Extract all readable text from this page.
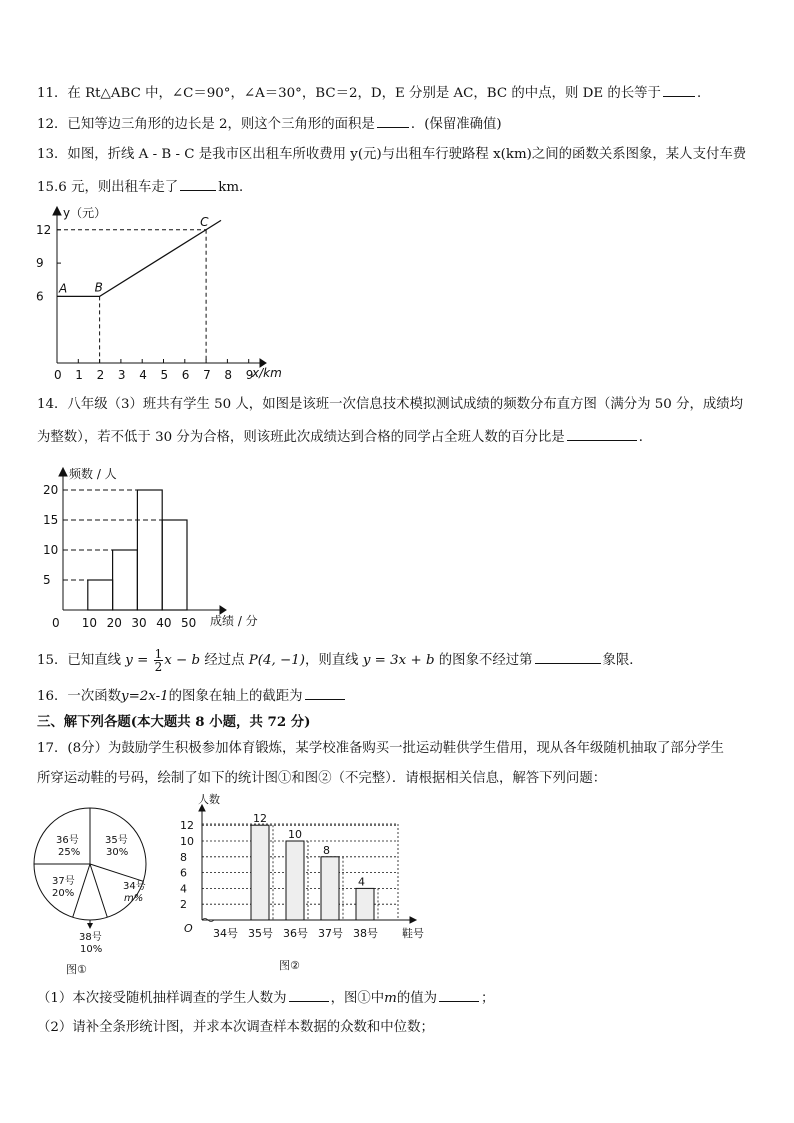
11．在 Rt△ABC 中，∠C＝90°，∠A＝30°，BC＝2，D，E 分别是 AC，BC 的中点，则 DE 的长等于	．
12．已知等边三角形的边长是 2，则这个三角形的面积是	．(保留准确值)
13．如图，折线 A - B - C 是我市区出租车所收费用 y(元)与出租车行驶路程 x(km)之间的函数关系图象，某人支付车费
15.6 元，则出租车走了	km．
0 1 2 3 4 5 6 7 8 9
12
9
6
A B
C
y（元）
x/km
14．八年级（3）班共有学生 50 人，如图是该班一次信息技术模拟测试成绩的频数分布直方图（满分为 50 分，成绩均
为整数），若不低于 30 分为合格，则该班此次成绩达到合格的同学占全班人数的百分比是	．
20
15
10
5
0 10 20 30 40 50
频数 / 人
成绩 / 分
15．已知直线 $y = \frac{1}{2}$ x − b 经过点 P(4, −1)，则直线 y = 3x + b 的图象不经过第	象限．
16．一次函数y=2x-1的图象在轴上的截距为
三、解下列各题(本大题共 8 小题，共 72 分)
17．(8分）为鼓励学生积极参加体育锻炼，某学校准备购买一批运动鞋供学生借用，现从各年级随机抽取了部分学生
所穿运动鞋的号码，绘制了如下的统计图①和图②（不完整）．请根据相关信息，解答下列问题：
36号
25%
35号
30%
37号
20%
34号
m%
38号
10%
图①
12
10
8
6
4
2
34号 35号 36号 37号 38号
12
10
8
4
人数
O	鞋号
图②
（1）本次接受随机抽样调查的学生人数为	，图①中m的值为	；
（2）请补全条形统计图，并求本次调查样本数据的众数和中位数；
